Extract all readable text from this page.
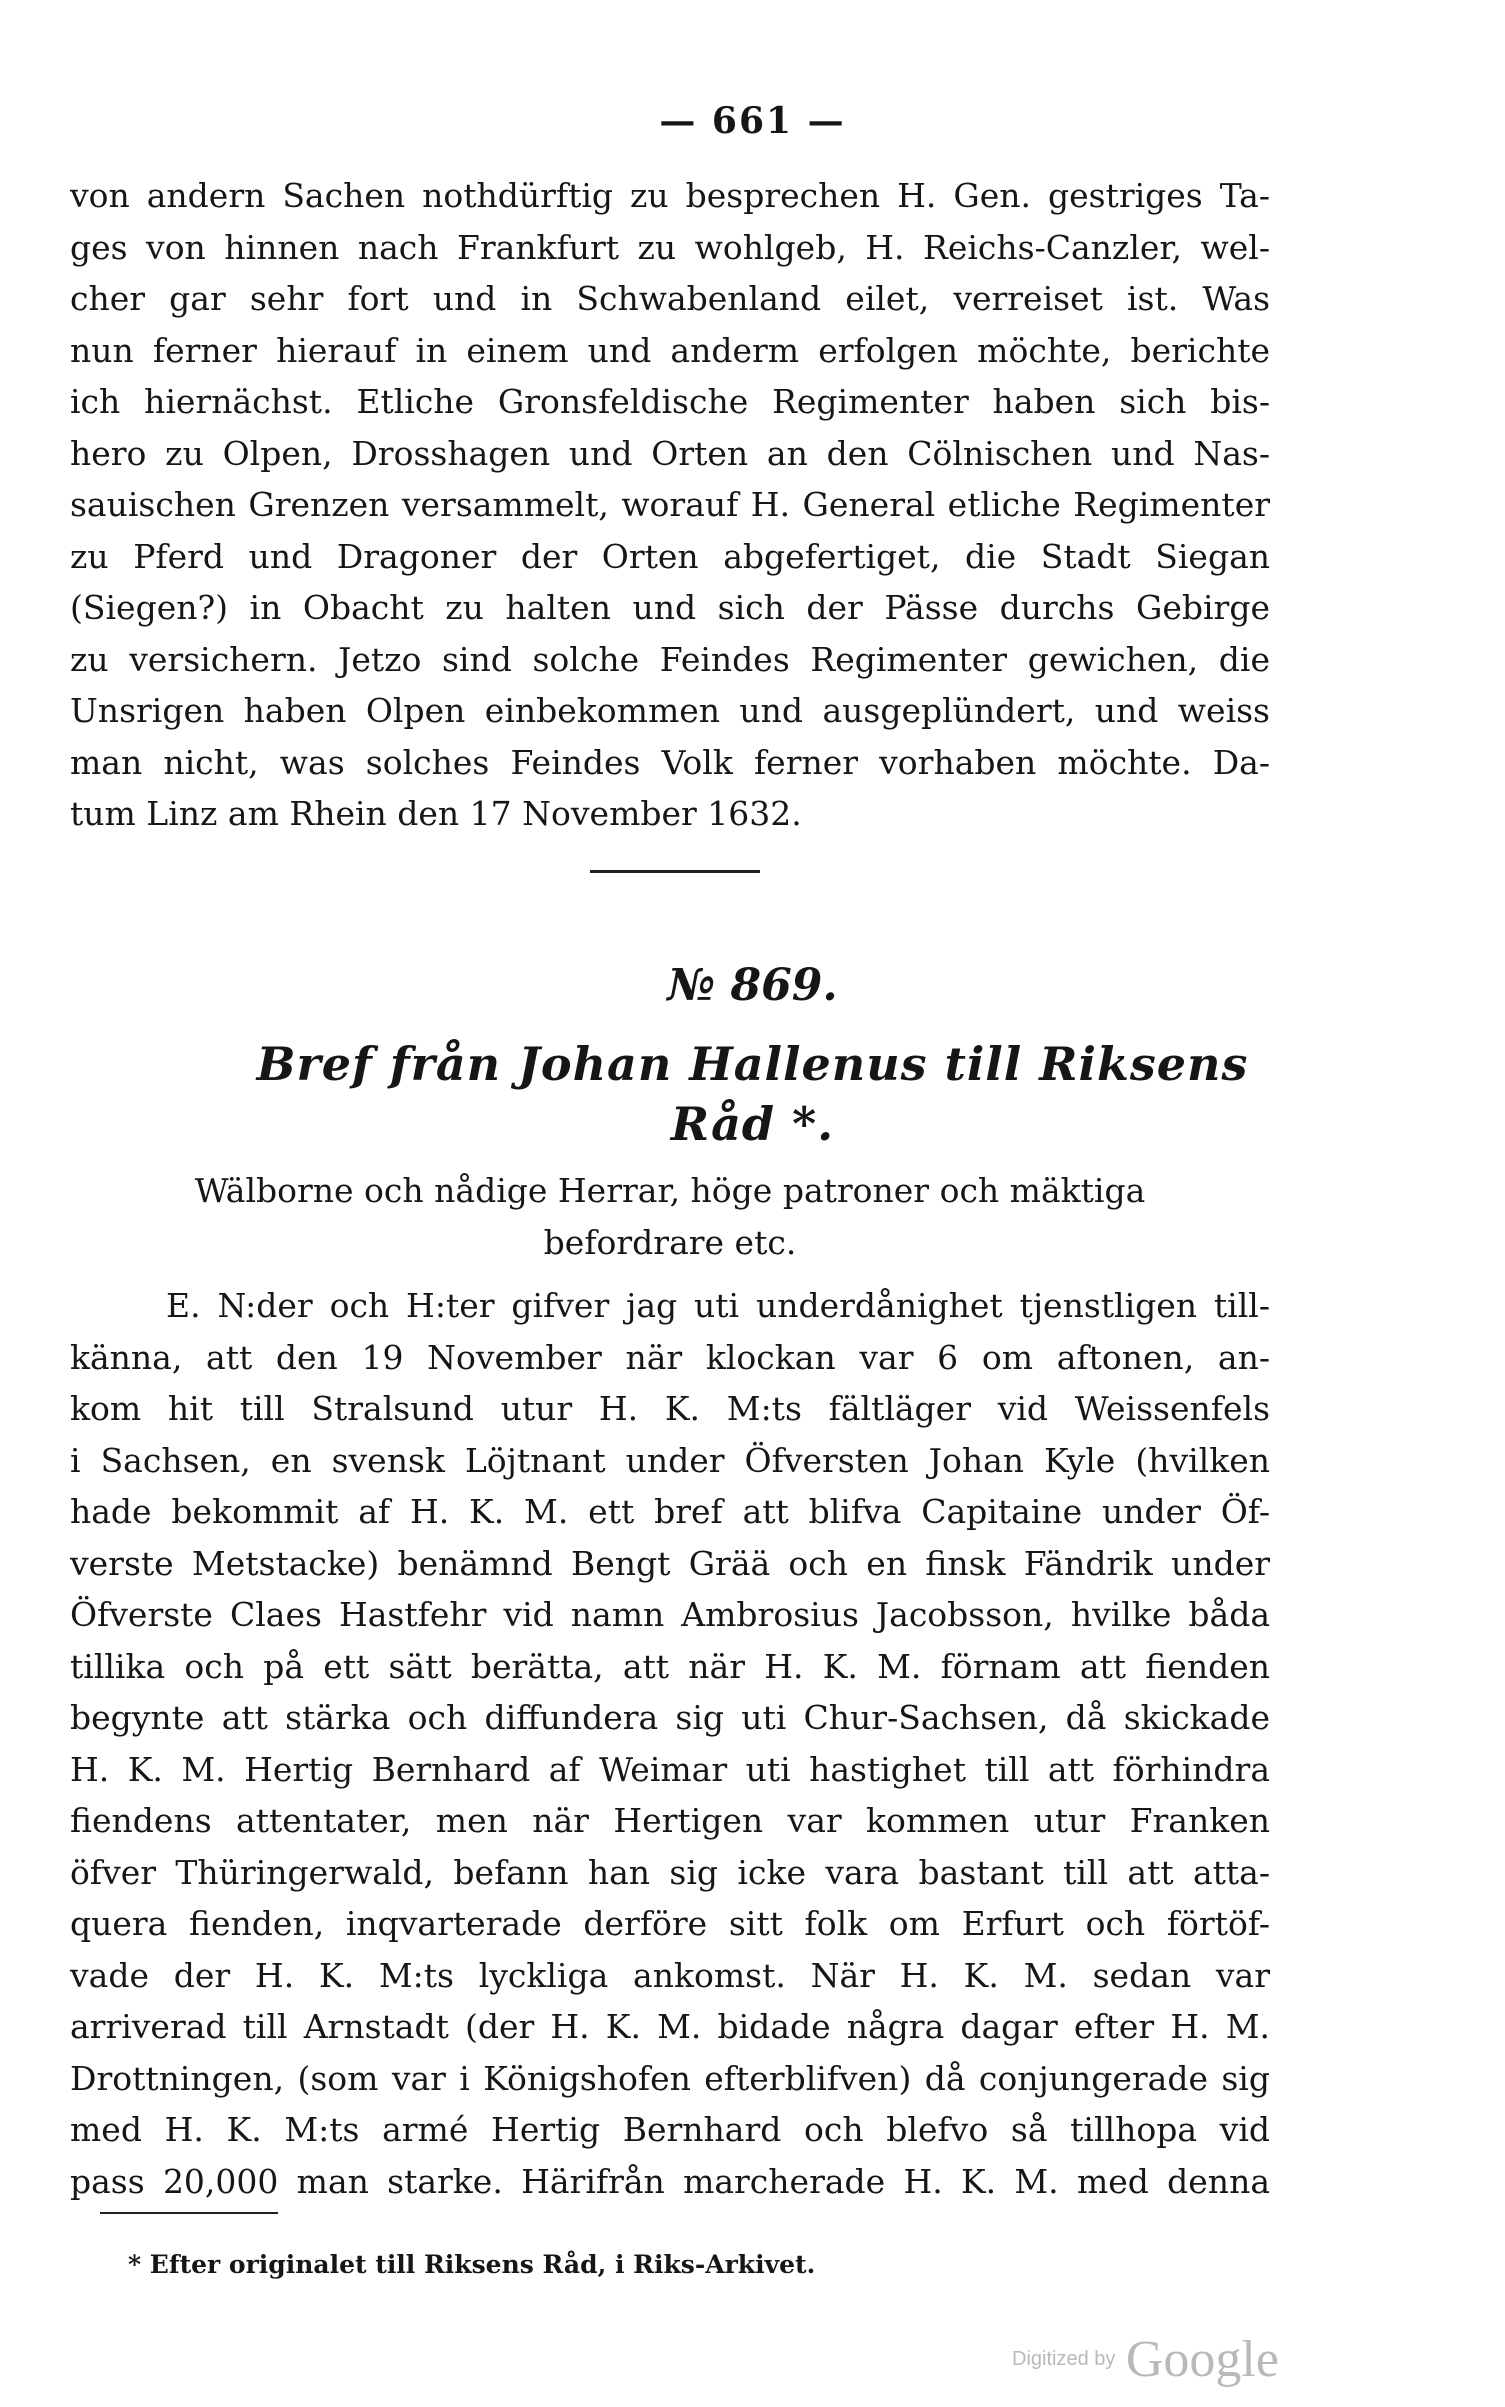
— 661 —
von andern Sachen nothdürftig zu besprechen H. Gen. gestriges Ta-
ges von hinnen nach Frankfurt zu wohlgeb, H. Reichs-Canzler, wel-
cher gar sehr fort und in Schwabenland eilet, verreiset ist. Was
nun ferner hierauf in einem und anderm erfolgen möchte, berichte
ich hiernächst. Etliche Gronsfeldische Regimenter haben sich bis-
hero zu Olpen, Drosshagen und Orten an den Cölnischen und Nas-
sauischen Grenzen versammelt, worauf H. General etliche Regimenter
zu Pferd und Dragoner der Orten abgefertiget, die Stadt Siegan
(Siegen?) in Obacht zu halten und sich der Pässe durchs Gebirge
zu versichern. Jetzo sind solche Feindes Regimenter gewichen, die
Unsrigen haben Olpen einbekommen und ausgeplündert, und weiss
man nicht, was solches Feindes Volk ferner vorhaben möchte. Da-
tum Linz am Rhein den 17 November 1632.
№ 869.
Bref från Johan Hallenus till Riksens
Råd *.
Wälborne och nådige Herrar, höge patroner och mäktiga
befordrare etc.
E. N:der och H:ter gifver jag uti underdånighet tjenstligen till-
känna, att den 19 November när klockan var 6 om aftonen, an-
kom hit till Stralsund utur H. K. M:ts fältläger vid Weissenfels
i Sachsen, en svensk Löjtnant under Öfversten Johan Kyle (hvilken
hade bekommit af H. K. M. ett bref att blifva Capitaine under Öf-
verste Metstacke) benämnd Bengt Grää och en finsk Fändrik under
Öfverste Claes Hastfehr vid namn Ambrosius Jacobsson, hvilke båda
tillika och på ett sätt berätta, att när H. K. M. förnam att fienden
begynte att stärka och diffundera sig uti Chur-Sachsen, då skickade
H. K. M. Hertig Bernhard af Weimar uti hastighet till att förhindra
fiendens attentater, men när Hertigen var kommen utur Franken
öfver Thüringerwald, befann han sig icke vara bastant till att atta-
quera fienden, inqvarterade derföre sitt folk om Erfurt och förtöf-
vade der H. K. M:ts lyckliga ankomst. När H. K. M. sedan var
arriverad till Arnstadt (der H. K. M. bidade några dagar efter H. M.
Drottningen, (som var i Königshofen efterblifven) då conjungerade sig
med H. K. M:ts armé Hertig Bernhard och blefvo så tillhopa vid
pass 20,000 man starke. Härifrån marcherade H. K. M. med denna
* Efter originalet till Riksens Råd, i Riks-Arkivet.
Digitized by Google
